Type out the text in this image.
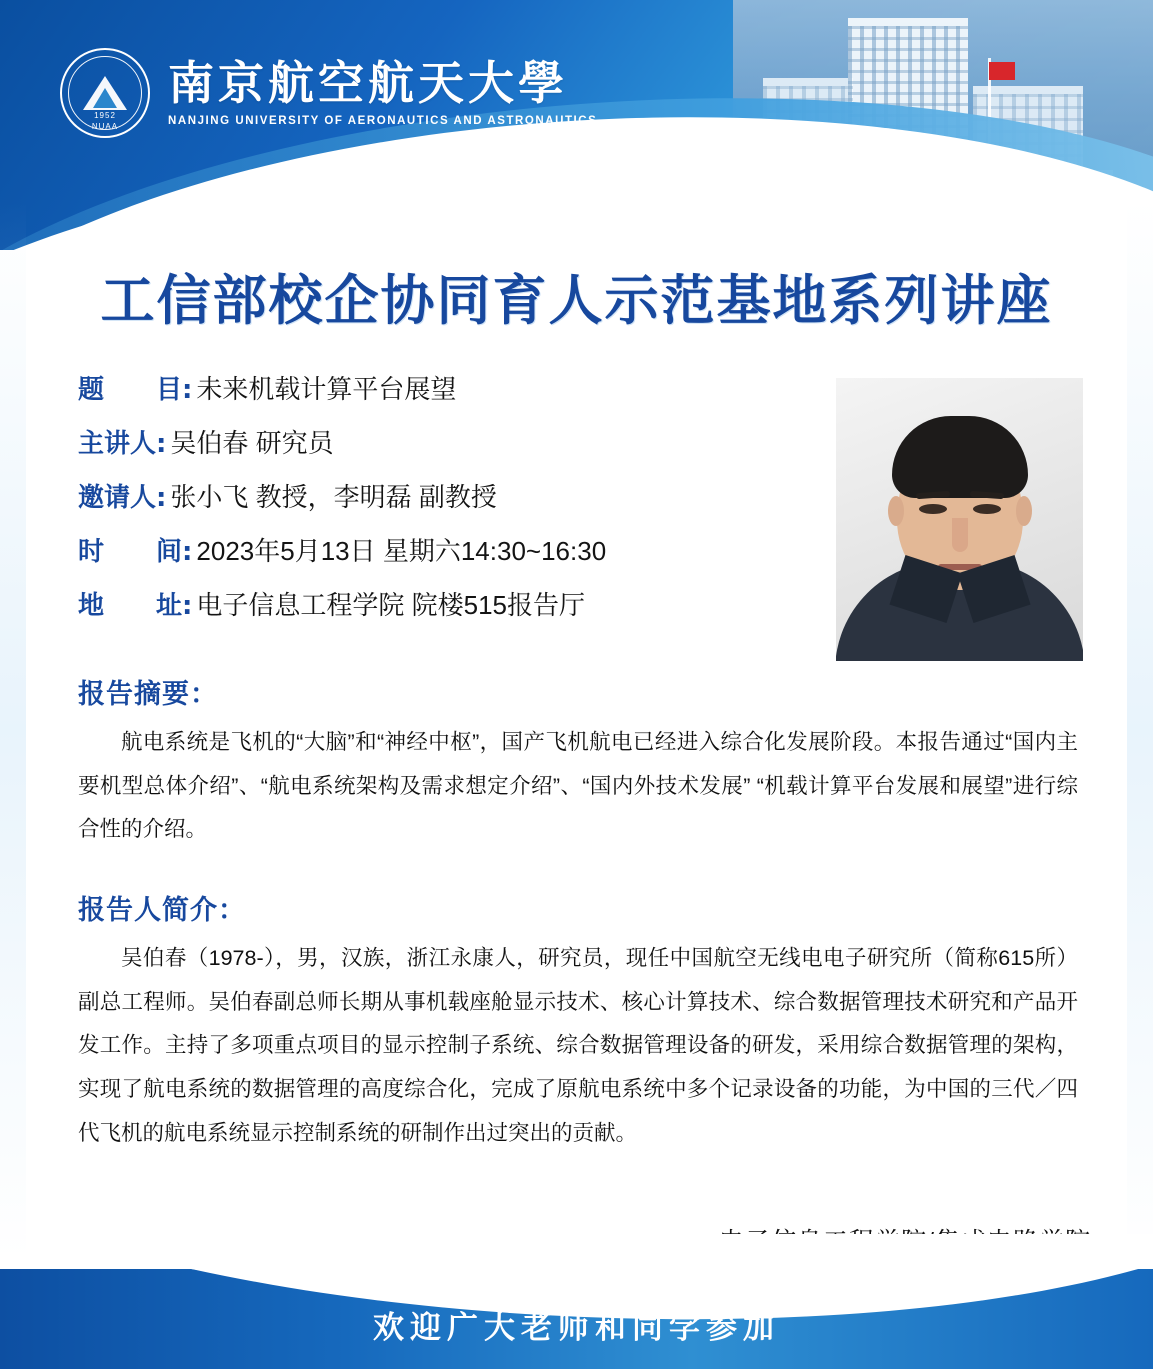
1952
NUAA
南京航空航天大學
NANJING UNIVERSITY OF AERONAUTICS AND ASTRONAUTICS
工信部校企协同育人示范基地系列讲座
题　　目: 未来机载计算平台展望
主讲人: 吴伯春 研究员
邀请人: 张小飞 教授，李明磊 副教授
时　　间: 2023年5月13日 星期六14:30~16:30
地　　址: 电子信息工程学院 院楼515报告厅
报告摘要：
航电系统是飞机的“大脑”和“神经中枢”，国产飞机航电已经进入综合化发展阶段。本报告通过“国内主要机型总体介绍”、“航电系统架构及需求想定介绍”、“国内外技术发展” “机载计算平台发展和展望”进行综合性的介绍。
报告人简介：
吴伯春（1978-），男，汉族，浙江永康人，研究员，现任中国航空无线电电子研究所（简称615所）副总工程师。吴伯春副总师长期从事机载座舱显示技术、核心计算技术、综合数据管理技术研究和产品开发工作。主持了多项重点项目的显示控制子系统、综合数据管理设备的研发，采用综合数据管理的架构，实现了航电系统的数据管理的高度综合化，完成了原航电系统中多个记录设备的功能，为中国的三代／四代飞机的航电系统显示控制系统的研制作出过突出的贡献。
欢迎广大老师和同学参加
